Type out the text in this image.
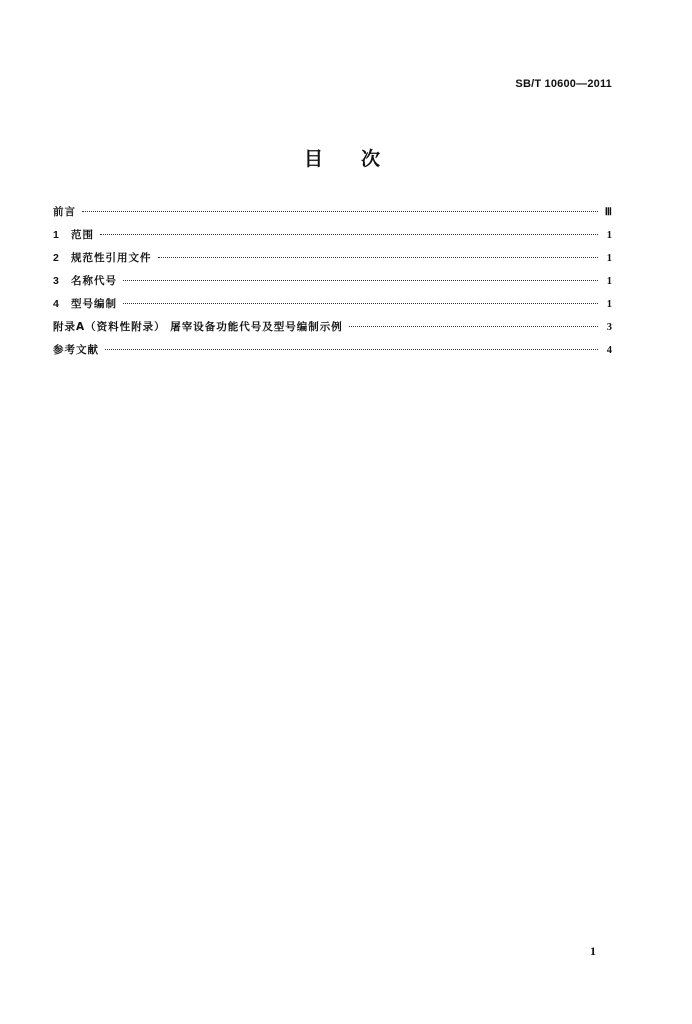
SB/T 10600—2011
目次
前言	Ⅲ
1	范围	1
2	规范性引用文件	1
3	名称代号	1
4	型号编制	1
附录A（资料性附录） 屠宰设备功能代号及型号编制示例	3
参考文献	4
1
